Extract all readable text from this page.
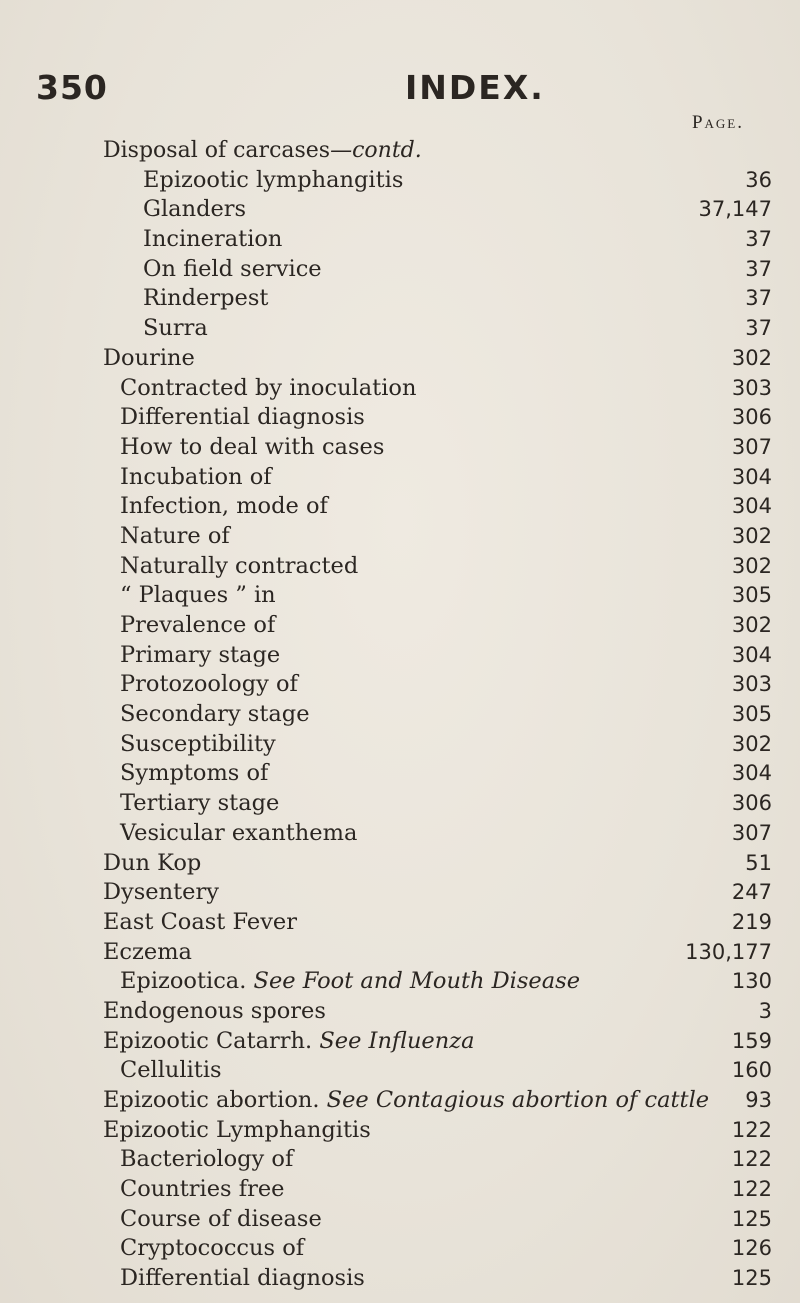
350	INDEX.
Page.
Disposal of carcases—contd.
Epizootic lymphangitis	36
Glanders	37,147
Incineration	37
On field service	37
Rinderpest	37
Surra	37
Dourine	302
Contracted by inoculation	303
Differential diagnosis	306
How to deal with cases	307
Incubation of	304
Infection, mode of	304
Nature of	302
Naturally contracted	302
“ Plaques ” in	305
Prevalence of	302
Primary stage	304
Protozoology of	303
Secondary stage	305
Susceptibility	302
Symptoms of	304
Tertiary stage	306
Vesicular exanthema	307
Dun Kop	51
Dysentery	247
East Coast Fever	219
Eczema	130,177
Epizootica. See Foot and Mouth Disease	130
Endogenous spores	3
Epizootic Catarrh. See Influenza	159
Cellulitis	160
Epizootic abortion. See Contagious abortion of cattle	93
Epizootic Lymphangitis	122
Bacteriology of	122
Countries free	122
Course of disease	125
Cryptococcus of	126
Differential diagnosis	125
